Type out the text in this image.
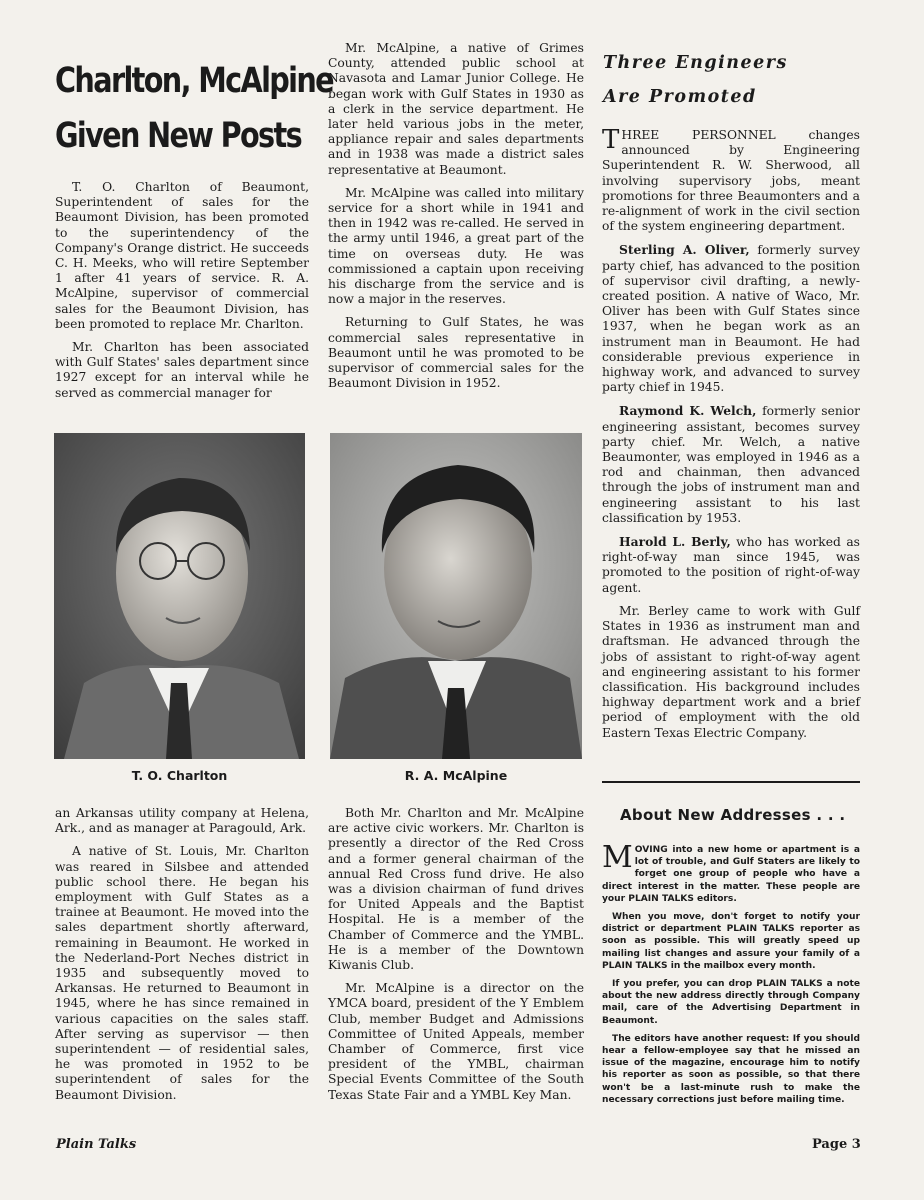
Charlton, McAlpine
Given New Posts

T. O. Charlton of Beaumont, Superintendent of sales for the Beaumont Division, has been promoted to the superintendency of the Company's Orange district. He succeeds C. H. Meeks, who will retire September 1 after 41 years of service. R. A. McAlpine, supervisor of commercial sales for the Beaumont Division, has been promoted to replace Mr. Charlton.

Mr. Charlton has been associated with Gulf States' sales department since 1927 except for an interval while he served as commercial manager for

Mr. McAlpine, a native of Grimes County, attended public school at Navasota and Lamar Junior College. He began work with Gulf States in 1930 as a clerk in the service department. He later held various jobs in the meter, appliance repair and sales departments and in 1938 was made a district sales representative at Beaumont.

Mr. McAlpine was called into military service for a short while in 1941 and then in 1942 was re-called. He served in the army until 1946, a great part of the time on overseas duty. He was commissioned a captain upon receiving his discharge from the service and is now a major in the reserves.

Returning to Gulf States, he was commercial sales representative in Beaumont until he was promoted to be supervisor of commercial sales for the Beaumont Division in 1952.

T. O. Charlton	R. A. McAlpine

an Arkansas utility company at Helena, Ark., and as manager at Paragould, Ark.

A native of St. Louis, Mr. Charlton was reared in Silsbee and attended public school there. He began his employment with Gulf States as a trainee at Beaumont. He moved into the sales department shortly afterward, remaining in Beaumont. He worked in the Nederland-Port Neches district in 1935 and subsequently moved to Arkansas. He returned to Beaumont in 1945, where he has since remained in various capacities on the sales staff. After serving as supervisor — then superintendent — of residential sales, he was promoted in 1952 to be superintendent of sales for the Beaumont Division.

Both Mr. Charlton and Mr. McAlpine are active civic workers. Mr. Charlton is presently a director of the Red Cross and a former general chairman of the annual Red Cross fund drive. He also was a division chairman of fund drives for United Appeals and the Baptist Hospital. He is a member of the Chamber of Commerce and the YMBL. He is a member of the Downtown Kiwanis Club.

Mr. McAlpine is a director on the YMCA board, president of the Y Emblem Club, member Budget and Admissions Committee of United Appeals, member Chamber of Commerce, first vice president of the YMBL, chairman Special Events Committee of the South Texas State Fair and a YMBL Key Man.

Three Engineers
Are Promoted

THREE PERSONNEL changes announced by Engineering Superintendent R. W. Sherwood, all involving supervisory jobs, meant promotions for three Beaumonters and a re-alignment of work in the civil section of the system engineering department.

Sterling A. Oliver, formerly survey party chief, has advanced to the position of supervisor civil drafting, a newly-created position. A native of Waco, Mr. Oliver has been with Gulf States since 1937, when he began work as an instrument man in Beaumont. He had considerable previous experience in highway work, and advanced to survey party chief in 1945.

Raymond K. Welch, formerly senior engineering assistant, becomes survey party chief. Mr. Welch, a native Beaumonter, was employed in 1946 as a rod and chainman, then advanced through the jobs of instrument man and engineering assistant to his last classification by 1953.

Harold L. Berly, who has worked as right-of-way man since 1945, was promoted to the position of right-of-way agent.

Mr. Berley came to work with Gulf States in 1936 as instrument man and draftsman. He advanced through the jobs of assistant to right-of-way agent and engineering assistant to his former classification. His background includes highway department work and a brief period of employment with the old Eastern Texas Electric Company.

About New Addresses . . .

MOVING into a new home or apartment is a lot of trouble, and Gulf Staters are likely to forget one group of people who have a direct interest in the matter. These people are your PLAIN TALKS editors.

When you move, don't forget to notify your district or department PLAIN TALKS reporter as soon as possible. This will greatly speed up mailing list changes and assure your family of a PLAIN TALKS in the mailbox every month.

If you prefer, you can drop PLAIN TALKS a note about the new address directly through Company mail, care of the Advertising Department in Beaumont.

The editors have another request: If you should hear a fellow-employee say that he missed an issue of the magazine, encourage him to notify his reporter as soon as possible, so that there won't be a last-minute rush to make the necessary corrections just before mailing time.

Plain Talks	Page 3
